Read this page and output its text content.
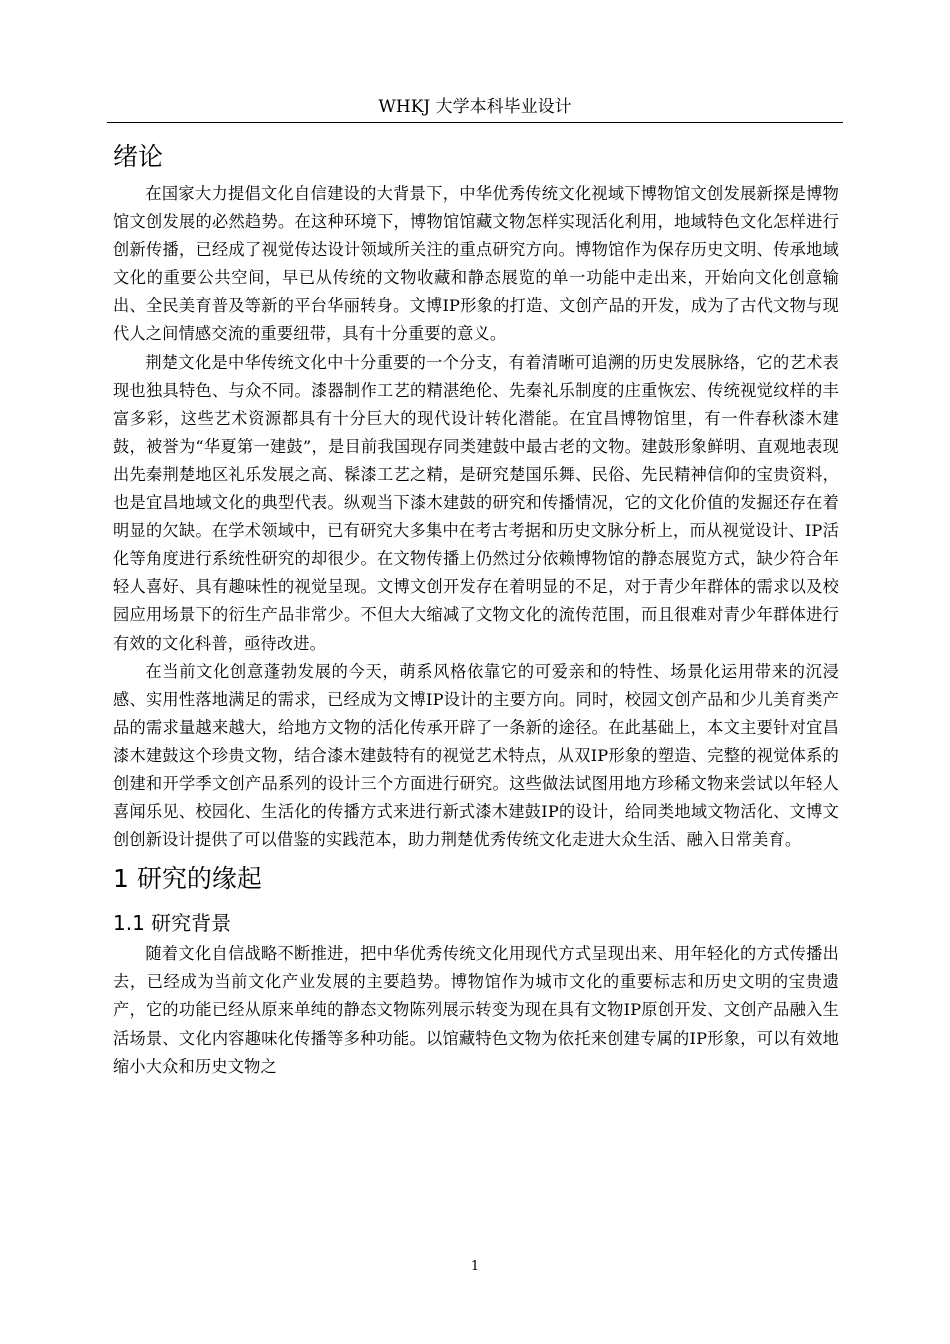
WHKJ 大学本科毕业设计
绪论

在国家大力提倡文化自信建设的大背景下，中华优秀传统文化视域下博物馆文创发展新探是博物馆文创发展的必然趋势。在这种环境下，博物馆馆藏文物怎样实现活化利用，地域特色文化怎样进行创新传播，已经成了视觉传达设计领域所关注的重点研究方向。博物馆作为保存历史文明、传承地域文化的重要公共空间，早已从传统的文物收藏和静态展览的单一功能中走出来，开始向文化创意输出、全民美育普及等新的平台华丽转身。文博IP形象的打造、文创产品的开发，成为了古代文物与现代人之间情感交流的重要纽带，具有十分重要的意义。

荆楚文化是中华传统文化中十分重要的一个分支，有着清晰可追溯的历史发展脉络，它的艺术表现也独具特色、与众不同。漆器制作工艺的精湛绝伦、先秦礼乐制度的庄重恢宏、传统视觉纹样的丰富多彩，这些艺术资源都具有十分巨大的现代设计转化潜能。在宜昌博物馆里，有一件春秋漆木建鼓，被誉为“华夏第一建鼓”，是目前我国现存同类建鼓中最古老的文物。建鼓形象鲜明、直观地表现出先秦荆楚地区礼乐发展之高、髹漆工艺之精，是研究楚国乐舞、民俗、先民精神信仰的宝贵资料，也是宜昌地域文化的典型代表。纵观当下漆木建鼓的研究和传播情况，它的文化价值的发掘还存在着明显的欠缺。在学术领域中，已有研究大多集中在考古考据和历史文脉分析上，而从视觉设计、IP活化等角度进行系统性研究的却很少。在文物传播上仍然过分依赖博物馆的静态展览方式，缺少符合年轻人喜好、具有趣味性的视觉呈现。文博文创开发存在着明显的不足，对于青少年群体的需求以及校园应用场景下的衍生产品非常少。不但大大缩减了文物文化的流传范围，而且很难对青少年群体进行有效的文化科普，亟待改进。

在当前文化创意蓬勃发展的今天，萌系风格依靠它的可爱亲和的特性、场景化运用带来的沉浸感、实用性落地满足的需求，已经成为文博IP设计的主要方向。同时，校园文创产品和少儿美育类产品的需求量越来越大，给地方文物的活化传承开辟了一条新的途径。在此基础上，本文主要针对宜昌漆木建鼓这个珍贵文物，结合漆木建鼓特有的视觉艺术特点，从双IP形象的塑造、完整的视觉体系的创建和开学季文创产品系列的设计三个方面进行研究。这些做法试图用地方珍稀文物来尝试以年轻人喜闻乐见、校园化、生活化的传播方式来进行新式漆木建鼓IP的设计，给同类地域文物活化、文博文创创新设计提供了可以借鉴的实践范本，助力荆楚优秀传统文化走进大众生活、融入日常美育。

1 研究的缘起
1.1 研究背景

随着文化自信战略不断推进，把中华优秀传统文化用现代方式呈现出来、用年轻化的方式传播出去，已经成为当前文化产业发展的主要趋势。博物馆作为城市文化的重要标志和历史文明的宝贵遗产，它的功能已经从原来单纯的静态文物陈列展示转变为现在具有文物IP原创开发、文创产品融入生活场景、文化内容趣味化传播等多种功能。以馆藏特色文物为依托来创建专属的IP形象，可以有效地缩小大众和历史文物之

1
